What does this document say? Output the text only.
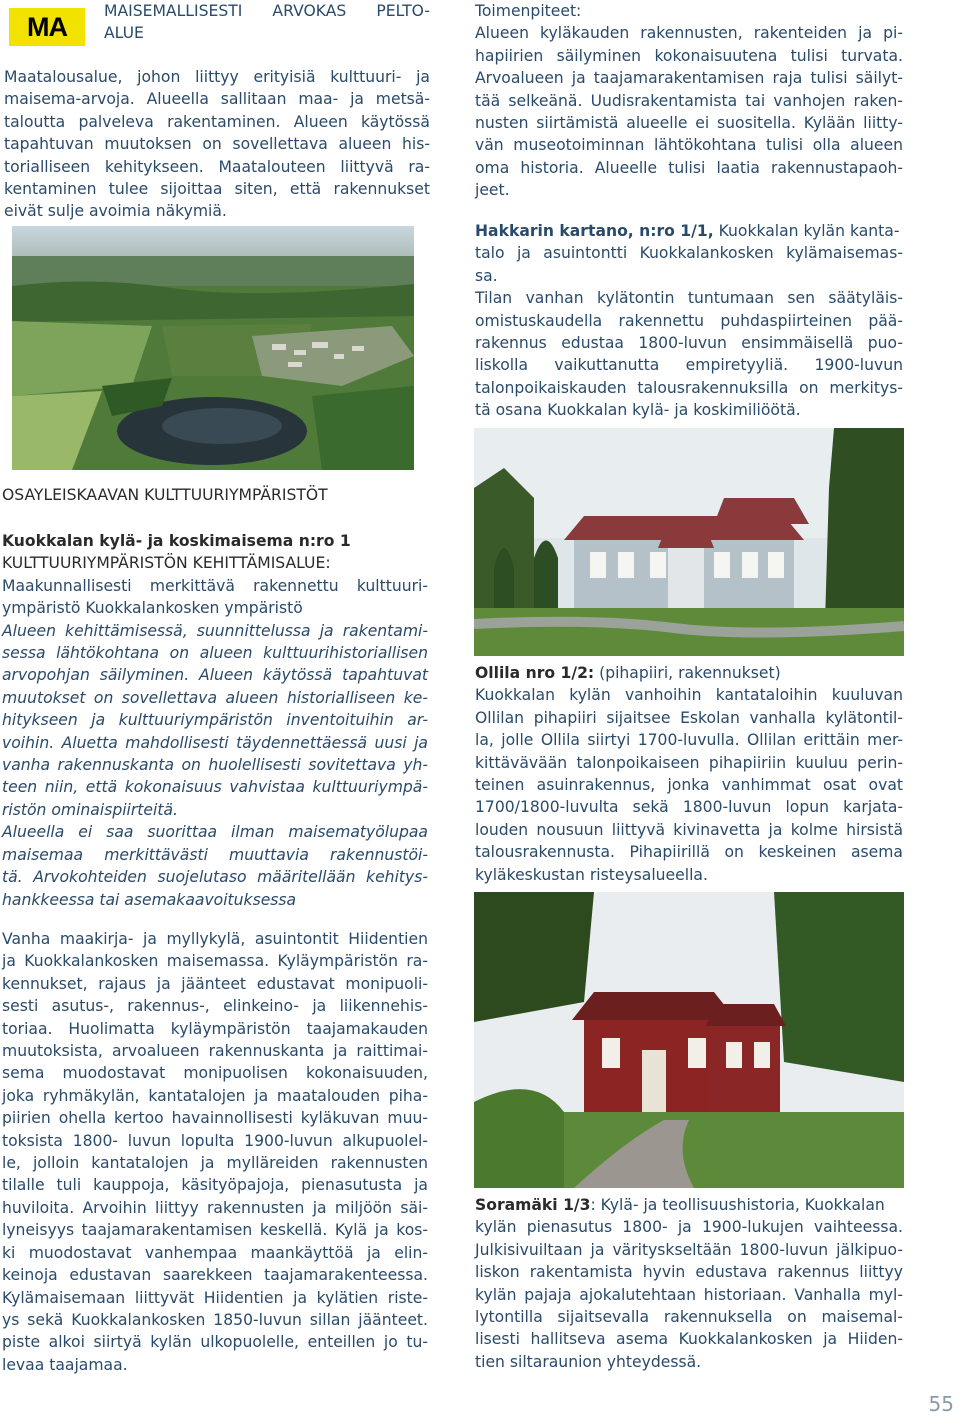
MA
MAISEMALLISESTI ARVOKAS PELTO-
ALUE

Maatalousalue, johon liittyy erityisiä kulttuuri- ja

maisema-arvoja. Alueella sallitaan maa- ja metsä-

taloutta palveleva rakentaminen. Alueen käytössä

tapahtuvan muutoksen on sovellettava alueen his-

torialliseen kehitykseen. Maatalouteen liittyvä ra-

kentaminen tulee sijoittaa siten, että rakennukset

eivät sulje avoimia näkymiä.

Toimenpiteet:

Alueen kyläkauden rakennusten, rakenteiden ja pi-

hapiirien säilyminen kokonaisuutena tulisi turvata.

Arvoalueen ja taajamarakentamisen raja tulisi säilyt-

tää selkeänä. Uudisrakentamista tai vanhojen raken-

nusten siirtämistä alueelle ei suositella. Kylään liitty-

vän museotoiminnan lähtökohtana tulisi olla alueen

oma historia. Alueelle tulisi laatia rakennustapaoh-

jeet.

Hakkarin kartano, n:ro 1/1, Kuokkalan kylän kanta-

talo ja asuintontti Kuokkalankosken kylämaisemas-

sa.

Tilan vanhan kylätontin tuntumaan sen säätyläis-

omistuskaudella rakennettu puhdaspiirteinen pää-

rakennus edustaa 1800-luvun ensimmäisellä puo-

liskolla vaikuttanutta empiretyyliä. 1900-luvun

talonpoikaiskauden talousrakennuksilla on merkitys-

tä osana Kuokkalan kylä- ja koskimiliöötä.

OSAYLEISKAAVAN KULTTUURIYMPÄRISTÖT

Kuokkalan kylä- ja koskimaisema n:ro 1

KULTTUURIYMPÄRISTÖN KEHITTÄMISALUE:

Maakunnallisesti merkittävä rakennettu kulttuuri-

ympäristö Kuokkalankosken ympäristö

Alueen kehittämisessä, suunnittelussa ja rakentami-

sessa lähtökohtana on alueen kulttuurihistoriallisen

arvopohjan säilyminen. Alueen käytössä tapahtuvat

muutokset on sovellettava alueen historialliseen ke-

hitykseen ja kulttuuriympäristön inventoituihin ar-

voihin. Aluetta mahdollisesti täydennettäessä uusi ja

vanha rakennuskanta on huolellisesti sovitettava yh-

teen niin, että kokonaisuus vahvistaa kulttuuriympä-

ristön ominaispiirteitä.

Alueella ei saa suorittaa ilman maisematyölupaa

maisemaa merkittävästi muuttavia rakennustöi-

tä. Arvokohteiden suojelutaso määritellään kehitys-

hankkeessa tai asemakaavoituksessa

Vanha maakirja- ja myllykylä, asuintontit Hiidentien

ja Kuokkalankosken maisemassa. Kyläympäristön ra-

kennukset, rajaus ja jäänteet edustavat monipuoli-

sesti asutus-, rakennus-, elinkeino- ja liikennehis-

toriaa. Huolimatta kyläympäristön taajamakauden

muutoksista, arvoalueen rakennuskanta ja raittimai-

sema muodostavat monipuolisen kokonaisuuden,

joka ryhmäkylän, kantatalojen ja maatalouden piha-

piirien ohella kertoo havainnollisesti kyläkuvan muu-

toksista 1800- luvun lopulta 1900-luvun alkupuolel-

le, jolloin kantatalojen ja mylläreiden rakennusten

tilalle tuli kauppoja, käsityöpajoja, pienasutusta ja

huviloita. Arvoihin liittyy rakennusten ja miljöön säi-

lyneisyys taajamarakentamisen keskellä. Kylä ja kos-

ki muodostavat vanhempaa maankäyttöä ja elin-

keinoja edustavan saarekkeen taajamarakenteessa.

Kylämaisemaan liittyvät Hiidentien ja kylätien riste-

ys sekä Kuokkalankosken 1850-luvun sillan jäänteet.

piste alkoi siirtyä kylän ulkopuolelle, enteillen jo tu-

levaa taajamaa.

Ollila nro 1/2: (pihapiiri, rakennukset)

Kuokkalan kylän vanhoihin kantataloihin kuuluvan

Ollilan pihapiiri sijaitsee Eskolan vanhalla kylätontil-

la, jolle Ollila siirtyi 1700-luvulla. Ollilan erittäin mer-

kittävävään talonpoikaiseen pihapiiriin kuuluu perin-

teinen asuinrakennus, jonka vanhimmat osat ovat

1700/1800-luvulta sekä 1800-luvun lopun karjata-

louden nousuun liittyvä kivinavetta ja kolme hirsistä

talousrakennusta. Pihapiirillä on keskeinen asema

kyläkeskustan risteysalueella.

Soramäki 1/3: Kylä- ja teollisuushistoria, Kuokkalan

kylän pienasutus 1800- ja 1900-lukujen vaihteessa.

Julkisivuiltaan ja värityskseltään 1800-luvun jälkipuo-

liskon rakentamista hyvin edustava rakennus liittyy

kylän pajaja ajokalutehtaan historiaan. Vanhalla myl-

lytontilla sijaitsevalla rakennuksella on maisemal-

lisesti hallitseva asema Kuokkalankosken ja Hiiden-

tien siltaraunion yhteydessä.

55
